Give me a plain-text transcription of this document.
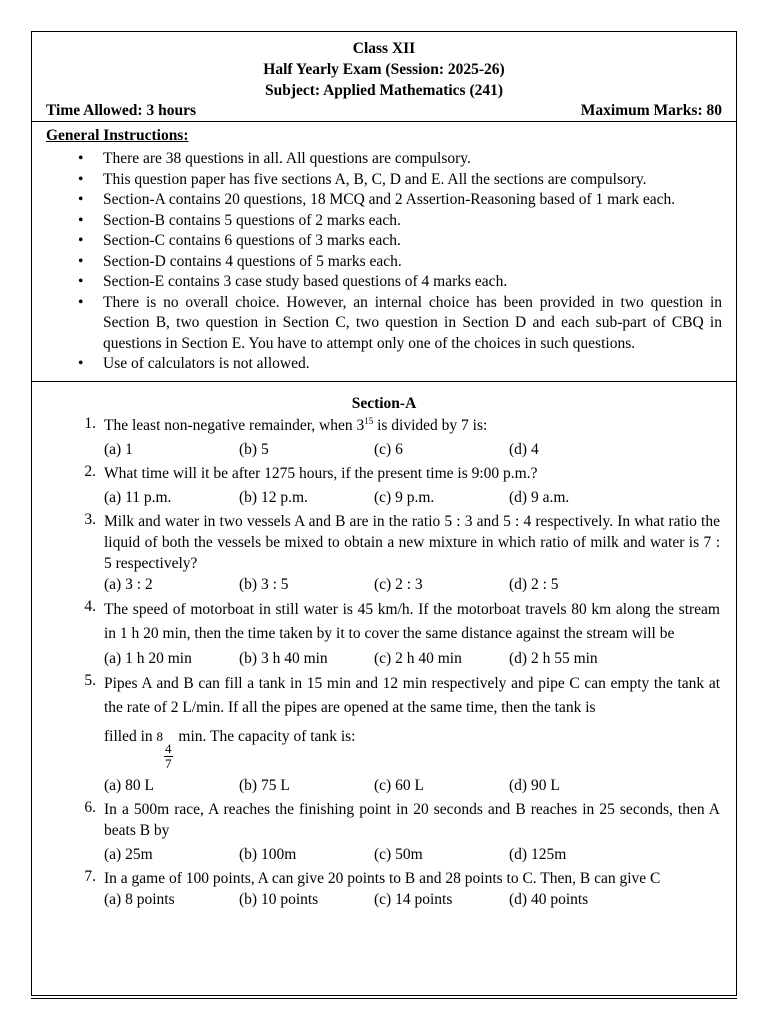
Class XII
Half Yearly Exam (Session: 2025-26)
Subject: Applied Mathematics (241)
Time Allowed: 3 hours	Maximum Marks: 80
General Instructions:
• There are 38 questions in all. All questions are compulsory.
• This question paper has five sections A, B, C, D and E. All the sections are compulsory.
• Section-A contains 20 questions, 18 MCQ and 2 Assertion-Reasoning based of 1 mark each.
• Section-B contains 5 questions of 2 marks each.
• Section-C contains 6 questions of 3 marks each.
• Section-D contains 4 questions of 5 marks each.
• Section-E contains 3 case study based questions of 4 marks each.
• There is no overall choice. However, an internal choice has been provided in two question in Section B, two question in Section C, two question in Section D and each sub-part of CBQ in questions in Section E. You have to attempt only one of the choices in such questions.
• Use of calculators is not allowed.
Section-A
1. The least non-negative remainder, when $3^{15}$ is divided by 7 is:
(a) 1	(b) 5	(c) 6	(d) 4
2. What time will it be after 1275 hours, if the present time is 9:00 p.m.?
(a) 11 p.m.	(b) 12 p.m.	(c) 9 p.m.	(d) 9 a.m.
3. Milk and water in two vessels A and B are in the ratio 5 : 3 and 5 : 4 respectively. In what ratio the liquid of both the vessels be mixed to obtain a new mixture in which ratio of milk and water is 7 : 5 respectively?
(a) 3 : 2	(b) 3 : 5	(c) 2 : 3	(d) 2 : 5
4. The speed of motorboat in still water is 45 km/h. If the motorboat travels 80 km along the stream in 1 h 20 min, then the time taken by it to cover the same distance against the stream will be
(a) 1 h 20 min	(b) 3 h 40 min	(c) 2 h 40 min	(d) 2 h 55 min
5. Pipes A and B can fill a tank in 15 min and 12 min respectively and pipe C can empty the tank at the rate of 2 L/min. If all the pipes are opened at the same time, then the tank is
filled in 8
$\frac{4}{7}$
min. The capacity of tank is:
(a) 80 L	(b) 75 L	(c) 60 L	(d) 90 L
6. In a 500m race, A reaches the finishing point in 20 seconds and B reaches in 25 seconds, then A beats B by
(a) 25m	(b) 100m	(c) 50m	(d) 125m
7. In a game of 100 points, A can give 20 points to B and 28 points to C. Then, B can give C
(a) 8 points	(b) 10 points	(c) 14 points	(d) 40 points
